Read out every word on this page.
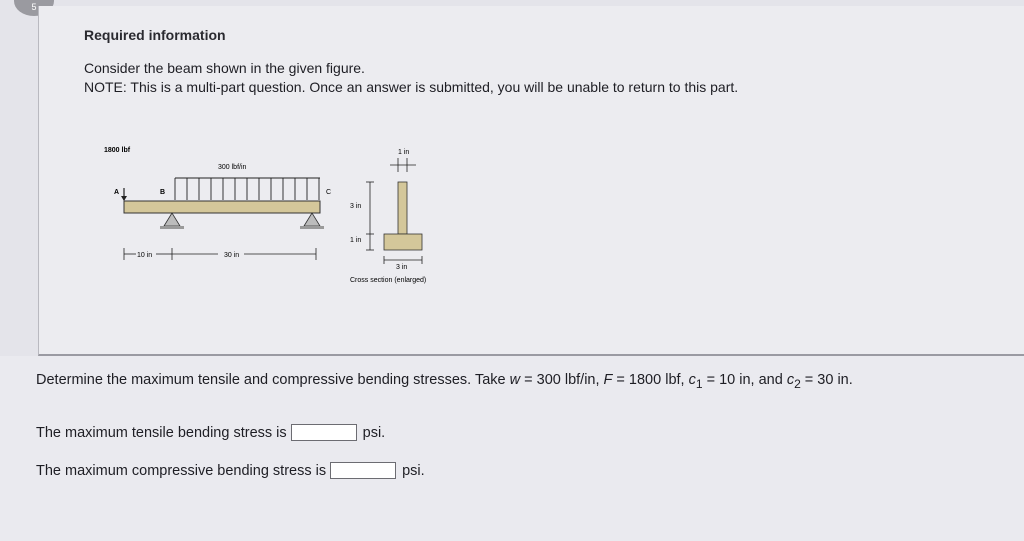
5
Required information
Consider the beam shown in the given figure.
NOTE: This is a multi-part question. Once an answer is submitted, you will be unable to return to this part.
1800 lbf
A
300 lbf/in
B	C
10 in	30 in
1 in
3 in
1 in
3 in
Cross section (enlarged)
Determine the maximum tensile and compressive bending stresses. Take w = 300 lbf/in, F = 1800 lbf, $c_1 = 10$ in, and $c_2 = 30$ in.
The maximum tensile bending stress is	psi.
The maximum compressive bending stress is	psi.
